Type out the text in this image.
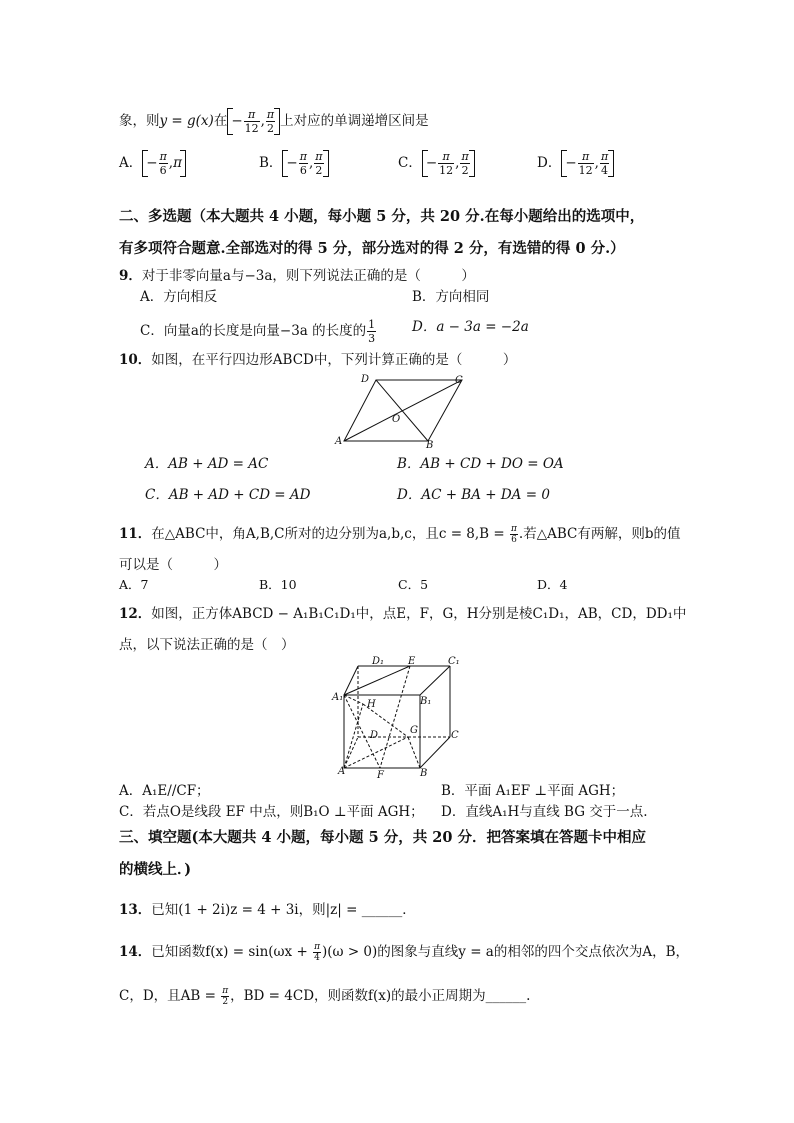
象，则y = g(x)在 − $\frac{\pi}{12}$ , $\frac{\pi}{2}$ 上对应的单调递增区间是
A． − $\frac{\pi}{6} ,\pi$	B． − $\frac{\pi}{6}$ , $\frac{\pi}{2}$	C． − $\frac{\pi}{12}$ , $\frac{\pi}{2}$	D． − $\frac{\pi}{12}$ , $\frac{\pi}{4}$
二、多选题（本大题共 4 小题，每小题 5 分，共 20 分.在每小题给出的选项中，
有多项符合题意.全部选对的得 5 分，部分选对的得 2 分，有选错的得 0 分.）
9．对于非零向量a与−3a，则下列说法正确的是（　　　）
A．方向相反	B．方向相同
C．向量a的长度是向量−3a 的长度的 $\frac{1}{3}$	D．a − 3a = −2a
10．如图，在平行四边形ABCD中，下列计算正确的是（　　　）
D	C
A	B
O
A．AB + AD = AC	B．AB + CD + DO = OA
C．AB + AD + CD = AD	D．AC + BA + DA = 0
11．在△ABC中，角A,B,C所对的边分别为a,b,c，且$c = 8,B = \frac{\pi}{6}$ .若△ABC有两解，则b的值
可以是（　　　）
A．7	B．10	C．5	D．4
12．如图，正方体ABCD − A₁B₁C₁D₁中，点E，F，G，H分别是棱C₁D₁，AB，CD，DD₁中
点，以下说法正确的是（　）
D₁ E	C₁
A₁
H	B₁
D	G	C
A	F	B
A．A₁E//CF；	B．平面 A₁EF ⊥平面 AGH；
C．若点O是线段 EF 中点，则B₁O ⊥平面 AGH； D．直线A₁H与直线 BG 交于一点.
三、填空题(本大题共 4 小题，每小题 5 分，共 20 分．把答案填在答题卡中相应
的横线上．)
13．已知(1 + 2i)z = 4 + 3i，则|z| = ______．
14．已知函数$f(x) = \sin(\omega x + \frac{\pi}{4} )(\omega > 0)$的图象与直线y = a的相邻的四个交点依次为A，B，
C，D，且AB = $\frac{\pi}{2}$ ，BD = 4CD，则函数f(x)的最小正周期为______.
